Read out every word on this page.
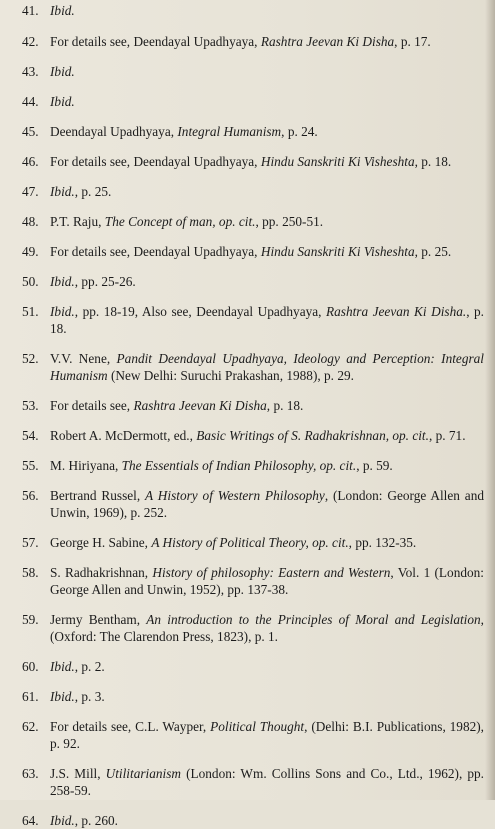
41. Ibid.
42. For details see, Deendayal Upadhyaya, Rashtra Jeevan Ki Disha, p. 17.
43. Ibid.
44. Ibid.
45. Deendayal Upadhyaya, Integral Humanism, p. 24.
46. For details see, Deendayal Upadhyaya, Hindu Sanskriti Ki Visheshta, p. 18.
47. Ibid., p. 25.
48. P.T. Raju, The Concept of man, op. cit., pp. 250-51.
49. For details see, Deendayal Upadhyaya, Hindu Sanskriti Ki Visheshta, p. 25.
50. Ibid., pp. 25-26.
51. Ibid., pp. 18-19, Also see, Deendayal Upadhyaya, Rashtra Jeevan Ki Disha., p. 18.
52. V.V. Nene, Pandit Deendayal Upadhyaya, Ideology and Perception: Integral Humanism (New Delhi: Suruchi Prakashan, 1988), p. 29.
53. For details see, Rashtra Jeevan Ki Disha, p. 18.
54. Robert A. McDermott, ed., Basic Writings of S. Radhakrishnan, op. cit., p. 71.
55. M. Hiriyana, The Essentials of Indian Philosophy, op. cit., p. 59.
56. Bertrand Russel, A History of Western Philosophy, (London: George Allen and Unwin, 1969), p. 252.
57. George H. Sabine, A History of Political Theory, op. cit., pp. 132-35.
58. S. Radhakrishnan, History of philosophy: Eastern and Western, Vol. 1 (London: George Allen and Unwin, 1952), pp. 137-38.
59. Jermy Bentham, An introduction to the Principles of Moral and Legislation, (Oxford: The Clarendon Press, 1823), p. 1.
60. Ibid., p. 2.
61. Ibid., p. 3.
62. For details see, C.L. Wayper, Political Thought, (Delhi: B.I. Publications, 1982), p. 92.
63. J.S. Mill, Utilitarianism (London: Wm. Collins Sons and Co., Ltd., 1962), pp. 258-59.
64. Ibid., p. 260.
